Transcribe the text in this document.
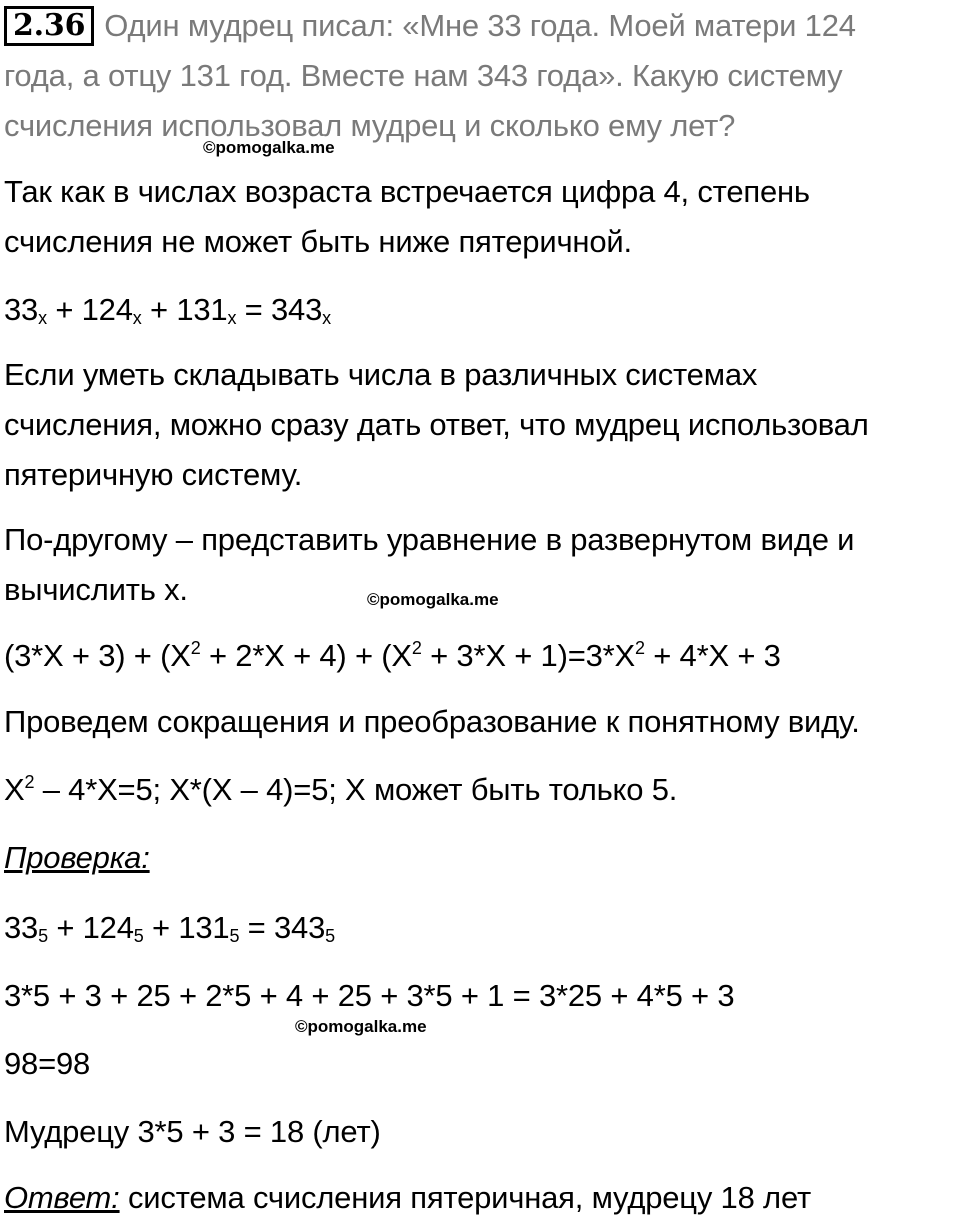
2.36 Один мудрец писал: «Мне 33 года. Моей матери 124
года, а отцу 131 год. Вместе нам 343 года». Какую систему
счисления использовал мудрец и сколько ему лет?
©pomogalka.me
Так как в числах возраста встречается цифра 4, степень
счисления не может быть ниже пятеричной.
$33_x + 124_x + 131_x = 343_x$
Если уметь складывать числа в различных системах
счисления, можно сразу дать ответ, что мудрец использовал
пятеричную систему.
По-другому – представить уравнение в развернутом виде и
вычислить х.	©pomogalka.me
$(3*X + 3) + (X^2 + 2*X + 4) + (X^2 + 3*X + 1)=3*X^2 + 4*X + 3$
Проведем сокращения и преобразование к понятному виду.
$X^2 - 4*X=5$; X*(X – 4)=5; X может быть только 5.
Проверка:
$33_5 + 124_5 + 131_5 = 343_5$
3*5 + 3 + 25 + 2*5 + 4 + 25 + 3*5 + 1 = 3*25 + 4*5 + 3
©pomogalka.me
98=98
Мудрецу 3*5 + 3 = 18 (лет)
Ответ: система счисления пятеричная, мудрецу 18 лет
